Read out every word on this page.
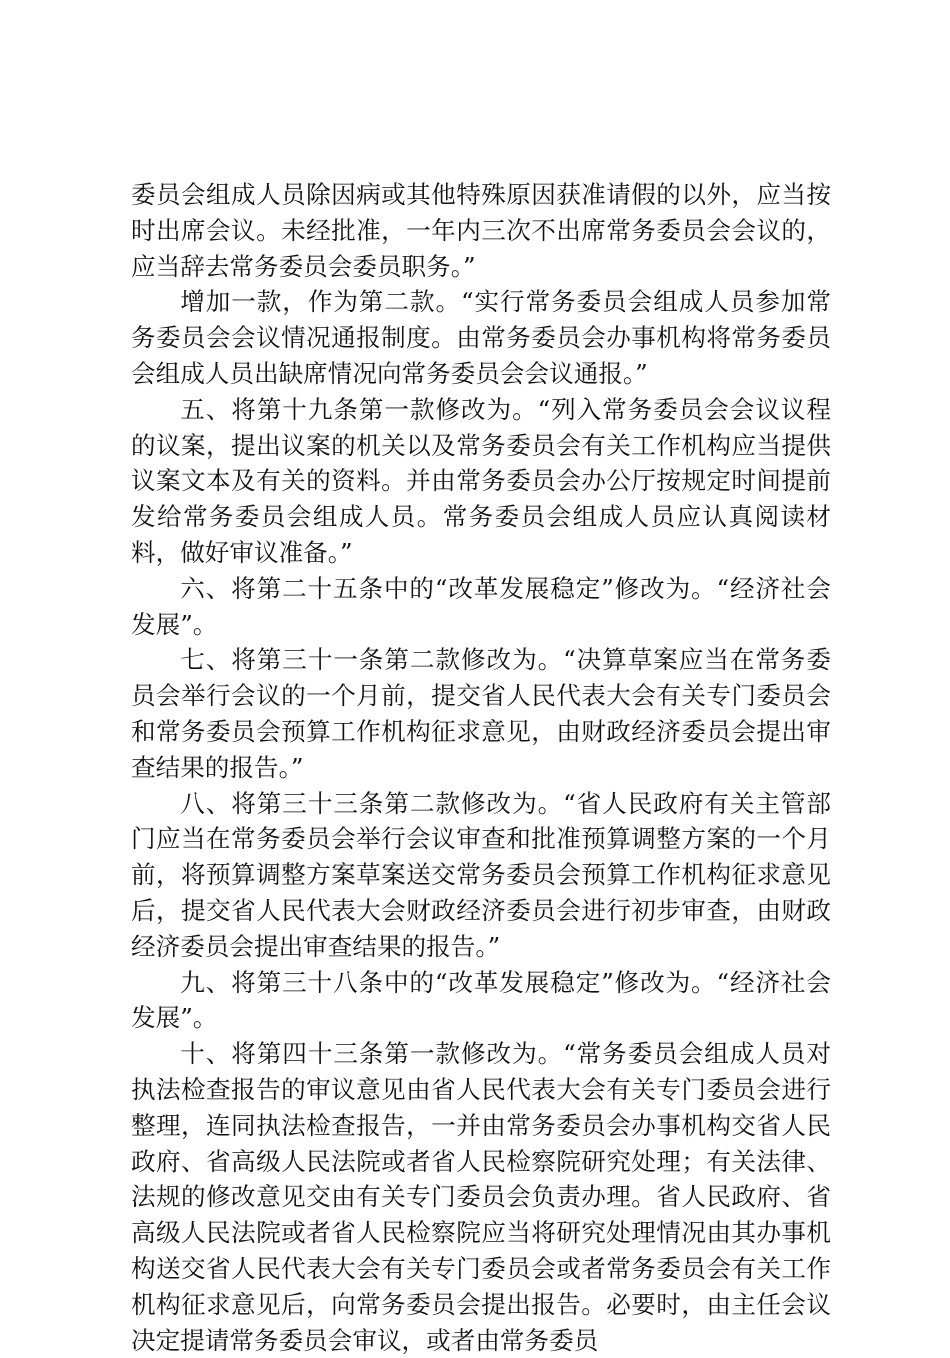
委员会组成人员除因病或其他特殊原因获准请假的以外，应当按时出席会议。未经批准，一年内三次不出席常务委员会会议的，应当辞去常务委员会委员职务。”

增加一款，作为第二款。“实行常务委员会组成人员参加常务委员会会议情况通报制度。由常务委员会办事机构将常务委员会组成人员出缺席情况向常务委员会会议通报。”

五、将第十九条第一款修改为。“列入常务委员会会议议程的议案，提出议案的机关以及常务委员会有关工作机构应当提供议案文本及有关的资料。并由常务委员会办公厅按规定时间提前发给常务委员会组成人员。常务委员会组成人员应认真阅读材料，做好审议准备。”

六、将第二十五条中的“改革发展稳定”修改为。“经济社会发展”。

七、将第三十一条第二款修改为。“决算草案应当在常务委员会举行会议的一个月前，提交省人民代表大会有关专门委员会和常务委员会预算工作机构征求意见，由财政经济委员会提出审查结果的报告。”

八、将第三十三条第二款修改为。“省人民政府有关主管部门应当在常务委员会举行会议审查和批准预算调整方案的一个月前，将预算调整方案草案送交常务委员会预算工作机构征求意见后，提交省人民代表大会财政经济委员会进行初步审查，由财政经济委员会提出审查结果的报告。”

九、将第三十八条中的“改革发展稳定”修改为。“经济社会发展”。

十、将第四十三条第一款修改为。“常务委员会组成人员对执法检查报告的审议意见由省人民代表大会有关专门委员会进行整理，连同执法检查报告，一并由常务委员会办事机构交省人民政府、省高级人民法院或者省人民检察院研究处理；有关法律、法规的修改意见交由有关专门委员会负责办理。省人民政府、省高级人民法院或者省人民检察院应当将研究处理情况由其办事机构送交省人民代表大会有关专门委员会或者常务委员会有关工作机构征求意见后，向常务委员会提出报告。必要时，由主任会议决定提请常务委员会审议，或者由常务委员
